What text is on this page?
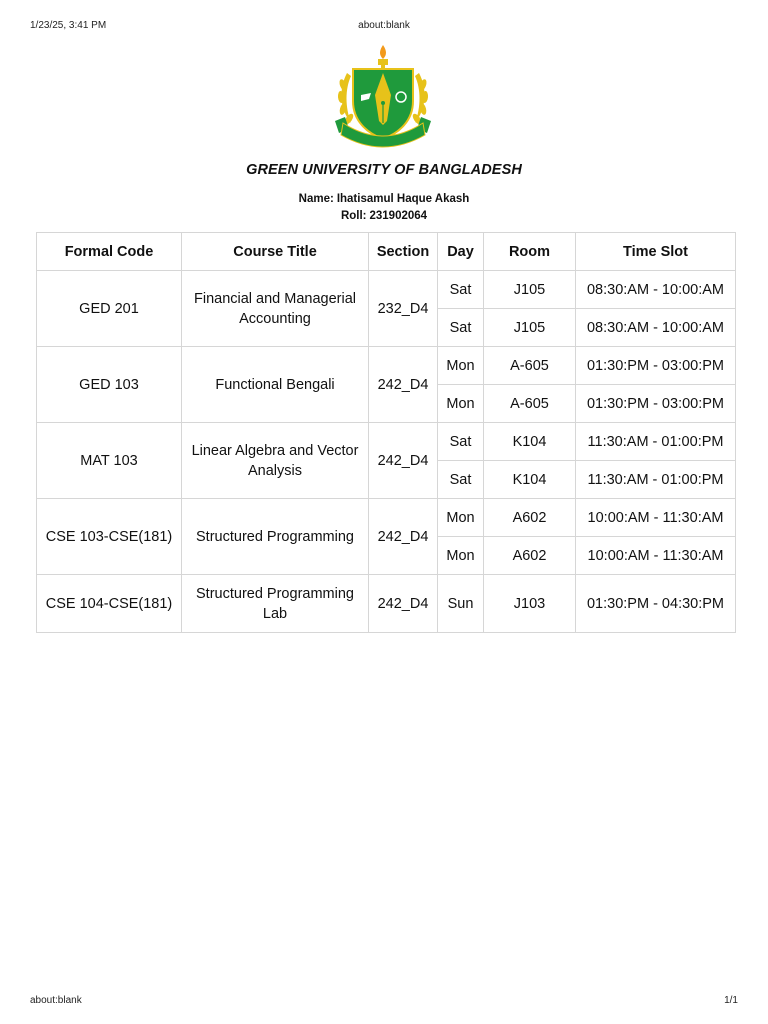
1/23/25, 3:41 PM	about:blank
GREEN UNIVERSITY OF BANGLADESH
Name: Ihatisamul Haque Akash
Roll: 231902064
Formal Code	Course Title	Section	Day	Room	Time Slot
GED 201	Financial and Managerial Accounting	232_D4	Sat	J105	08:30:AM - 10:00:AM
			Sat	J105	08:30:AM - 10:00:AM
GED 103	Functional Bengali	242_D4	Mon	A-605	01:30:PM - 03:00:PM
			Mon	A-605	01:30:PM - 03:00:PM
MAT 103	Linear Algebra and Vector Analysis	242_D4	Sat	K104	11:30:AM - 01:00:PM
			Sat	K104	11:30:AM - 01:00:PM
CSE 103-CSE(181)	Structured Programming	242_D4	Mon	A602	10:00:AM - 11:30:AM
			Mon	A602	10:00:AM - 11:30:AM
CSE 104-CSE(181)	Structured Programming Lab	242_D4	Sun	J103	01:30:PM - 04:30:PM
about:blank	1/1
